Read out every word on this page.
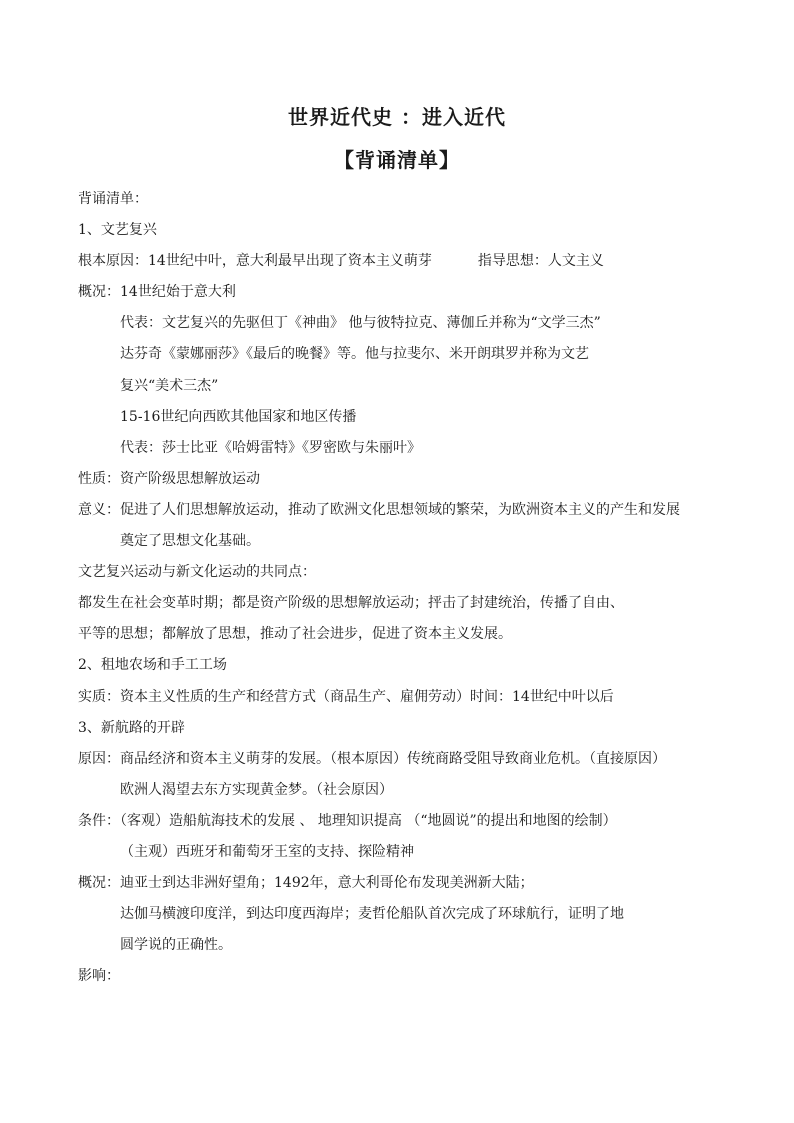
世界近代史 ：进入近代
【背诵清单】
背诵清单：
1、文艺复兴
根本原因：14世纪中叶，意大利最早出现了资本主义萌芽	指导思想：人文主义
概况：14世纪始于意大利
代表：文艺复兴的先驱但丁《神曲》 他与彼特拉克、薄伽丘并称为“文学三杰”
达芬奇《蒙娜丽莎》《最后的晚餐》等。他与拉斐尔、米开朗琪罗并称为文艺
复兴“美术三杰”
15-16世纪向西欧其他国家和地区传播
代表：莎士比亚《哈姆雷特》《罗密欧与朱丽叶》
性质：资产阶级思想解放运动
意义：促进了人们思想解放运动，推动了欧洲文化思想领域的繁荣，为欧洲资本主义的产生和发展
奠定了思想文化基础。
文艺复兴运动与新文化运动的共同点：
都发生在社会变革时期；都是资产阶级的思想解放运动；抨击了封建统治，传播了自由、
平等的思想；都解放了思想，推动了社会进步，促进了资本主义发展。
2、租地农场和手工工场
实质：资本主义性质的生产和经营方式（商品生产、雇佣劳动）时间：14世纪中叶以后
3、新航路的开辟
原因：商品经济和资本主义萌芽的发展。（根本原因）传统商路受阻导致商业危机。（直接原因）
欧洲人渴望去东方实现黄金梦。（社会原因）
条件：（客观）造船航海技术的发展 、 地理知识提高 （“地圆说”的提出和地图的绘制）
（主观）西班牙和葡萄牙王室的支持、探险精神
概况：迪亚士到达非洲好望角；1492年，意大利哥伦布发现美洲新大陆；
达伽马横渡印度洋，到达印度西海岸；麦哲伦船队首次完成了环球航行，证明了地
圆学说的正确性。
影响：
